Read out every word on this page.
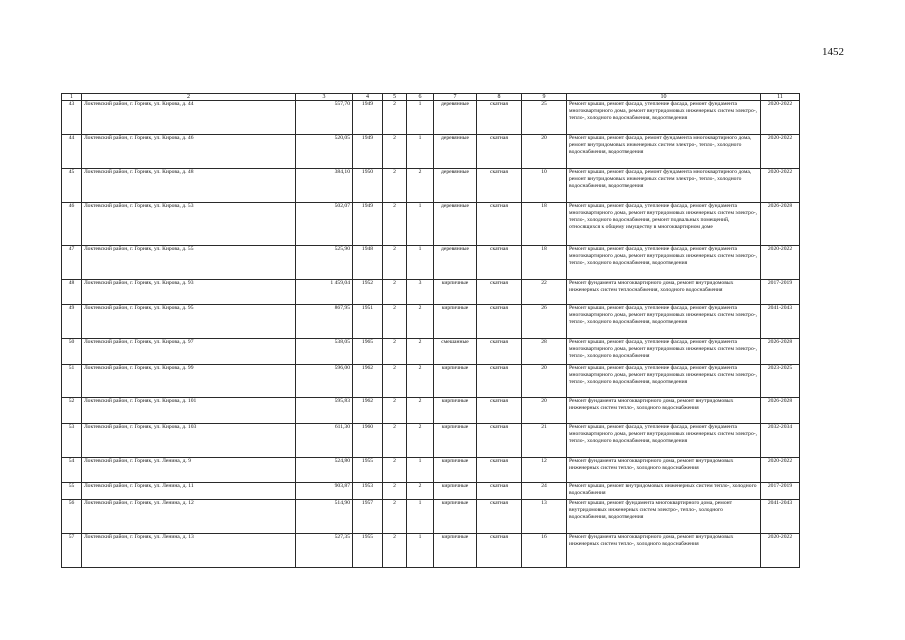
1452
1	2	3	4	5	6	7	8	9	10	11
43	Локтевский район, г. Горняк, ул. Кирова, д. 44	557,70	1949	2	1	деревянные	скатная	25	Ремонт крыши, ремонт фасада, утепление фасада, ремонт фундамента многоквартирного дома, ремонт внутридомовых инженерных систем электро-, тепло-, холодного водоснабжения, водоотведения	2020-2022
44	Локтевский район, г. Горняк, ул. Кирова, д. 46	520,05	1949	2	1	деревянные	скатная	20	Ремонт крыши, ремонт фасада, ремонт фундамента многоквартирного дома, ремонт внутридомовых инженерных систем электро-, тепло-, холодного водоснабжения, водоотведения	2020-2022
45	Локтевский район, г. Горняк, ул. Кирова, д. 48	384,10	1950	2	2	деревянные	скатная	10	Ремонт крыши, ремонт фасада, ремонт фундамента многоквартирного дома, ремонт внутридомовых инженерных систем электро-, тепло-, холодного водоснабжения, водоотведения	2020-2022
46	Локтевский район, г. Горняк, ул. Кирова, д. 53	502,07	1949	2	1	деревянные	скатная	18	Ремонт крыши, ремонт фасада, утепление фасада, ремонт фундамента многоквартирного дома, ремонт внутридомовых инженерных систем электро-, тепло-, холодного водоснабжения, ремонт подвальных помещений, относящихся к общему имуществу в многоквартирном доме	2026-2028
47	Локтевский район, г. Горняк, ул. Кирова, д. 55	525,90	1948	2	1	деревянные	скатная	18	Ремонт крыши, ремонт фасада, утепление фасада, ремонт фундамента многоквартирного дома, ремонт внутридомовых инженерных систем электро-, тепло-, холодного водоснабжения, водоотведения	2020-2022
48	Локтевский район, г. Горняк, ул. Кирова, д. 93	1 459,04	1952	2	3	кирпичные	скатная	22	Ремонт фундамента многоквартирного дома, ремонт внутридомовых инженерных систем теплоснабжения, холодного водоснабжения	2017-2019
49	Локтевский район, г. Горняк, ул. Кирова, д. 95	867,95	1951	2	2	кирпичные	скатная	26	Ремонт крыши, ремонт фасада, утепление фасада, ремонт фундамента многоквартирного дома, ремонт внутридомовых инженерных систем электро-, тепло-, холодного водоснабжения, водоотведения	2041-2043
50	Локтевский район, г. Горняк, ул. Кирова, д. 97	538,05	1965	2	2	смешанные	скатная	28	Ремонт крыши, ремонт фасада, утепление фасада, ремонт фундамента многоквартирного дома, ремонт внутридомовых инженерных систем электро-, тепло-, холодного водоснабжения	2026-2028
51	Локтевский район, г. Горняк, ул. Кирова, д. 99	596,00	1962	2	2	кирпичные	скатная	20	Ремонт крыши, ремонт фасада, утепление фасада, ремонт фундамента многоквартирного дома, ремонт внутридомовых инженерных систем электро-, тепло-, холодного водоснабжения, водоотведения	2023-2025
52	Локтевский район, г. Горняк, ул. Кирова, д. 101	595,83	1962	2	2	кирпичные	скатная	20	Ремонт фундамента многоквартирного дома, ремонт внутридомовых инженерных систем тепло-, холодного водоснабжения	2026-2028
53	Локтевский район, г. Горняк, ул. Кирова, д. 103	611,30	1960	2	2	кирпичные	скатная	21	Ремонт крыши, ремонт фасада, утепление фасада, ремонт фундамента многоквартирного дома, ремонт внутридомовых инженерных систем электро-, тепло-, холодного водоснабжения, водоотведения	2032-2034
54	Локтевский район, г. Горняк, ул. Ленина, д. 9	524,80	1955	2	1	кирпичные	скатная	12	Ремонт фундамента многоквартирного дома, ремонт внутридомовых инженерных систем тепло-, холодного водоснабжения	2020-2022
55	Локтевский район, г. Горняк, ул. Ленина, д. 11	903,87	1953	2	2	кирпичные	скатная	24	Ремонт крыши, ремонт внутридомовых инженерных систем тепло-, холодного водоснабжения	2017-2019
56	Локтевский район, г. Горняк, ул. Ленина, д. 12	514,90	1957	2	1	кирпичные	скатная	13	Ремонт крыши, ремонт фундамента многоквартирного дома, ремонт внутридомовых инженерных систем электро-, тепло-, холодного водоснабжения, водоотведения	2041-2043
57	Локтевский район, г. Горняк, ул. Ленина, д. 13	527,35	1955	2	1	кирпичные	скатная	16	Ремонт фундамента многоквартирного дома, ремонт внутридомовых инженерных систем тепло-, холодного водоснабжения	2020-2022
